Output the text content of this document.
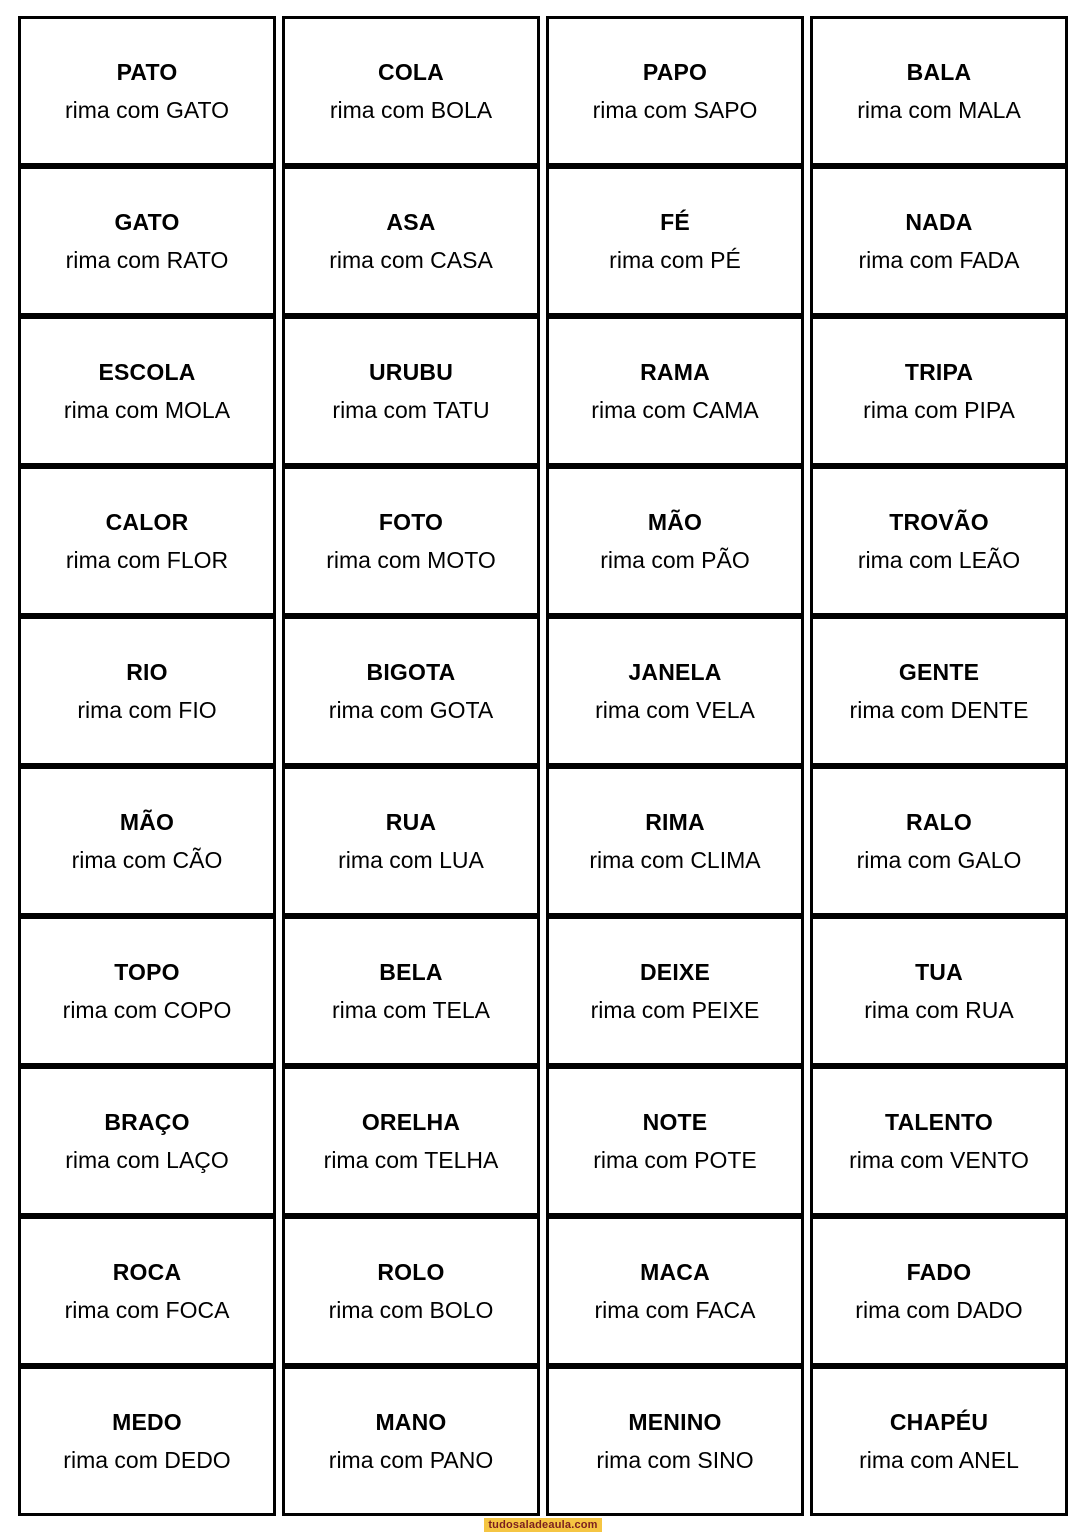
PATO
rima com GATO
COLA
rima com BOLA
PAPO
rima com SAPO
BALA
rima com MALA
GATO
rima com RATO
ASA
rima com CASA
FÉ
rima com PÉ
NADA
rima com FADA
ESCOLA
rima com MOLA
URUBU
rima com TATU
RAMA
rima com CAMA
TRIPA
rima com PIPA
CALOR
rima com FLOR
FOTO
rima com MOTO
MÃO
rima com PÃO
TROVÃO
rima com LEÃO
RIO
rima com FIO
BIGOTA
rima com GOTA
JANELA
rima com VELA
GENTE
rima com DENTE
MÃO
rima com CÃO
RUA
rima com LUA
RIMA
rima com CLIMA
RALO
rima com GALO
TOPO
rima com COPO
BELA
rima com TELA
DEIXE
rima com PEIXE
TUA
rima com RUA
BRAÇO
rima com LAÇO
ORELHA
rima com TELHA
NOTE
rima com POTE
TALENTO
rima com VENTO
ROCA
rima com FOCA
ROLO
rima com BOLO
MACA
rima com FACA
FADO
rima com DADO
MEDO
rima com DEDO
MANO
rima com PANO
MENINO
rima com SINO
CHAPÉU
rima com ANEL
tudosaladeaula.com
